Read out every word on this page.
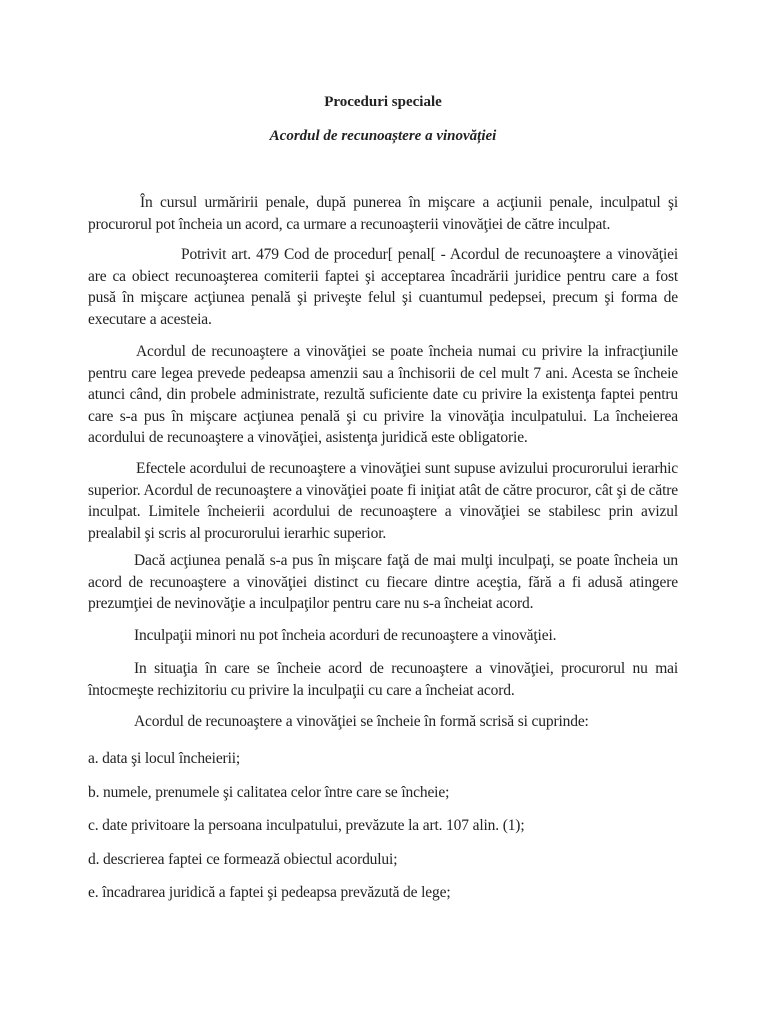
Proceduri speciale
Acordul de recunoaștere a vinovăției

În cursul urmăririi penale, după punerea în mişcare a acţiunii penale, inculpatul şi procurorul pot încheia un acord, ca urmare a recunoaşterii vinovăţiei de către inculpat.

Potrivit art. 479 Cod de procedur[ penal[ - Acordul de recunoaştere a vinovăţiei are ca obiect recunoaşterea comiterii faptei şi acceptarea încadrării juridice pentru care a fost pusă în mişcare acţiunea penală şi priveşte felul şi cuantumul pedepsei, precum şi forma de executare a acesteia.

Acordul de recunoaştere a vinovăţiei se poate încheia numai cu privire la infracţiunile pentru care legea prevede pedeapsa amenzii sau a închisorii de cel mult 7 ani. Acesta se încheie atunci când, din probele administrate, rezultă suficiente date cu privire la existenţa faptei pentru care s-a pus în mişcare acţiunea penală şi cu privire la vinovăţia inculpatului. La încheierea acordului de recunoaştere a vinovăţiei, asistenţa juridică este obligatorie.

Efectele acordului de recunoaştere a vinovăţiei sunt supuse avizului procurorului ierarhic superior. Acordul de recunoaştere a vinovăţiei poate fi iniţiat atât de către procuror, cât şi de către inculpat. Limitele încheierii acordului de recunoaştere a vinovăţiei se stabilesc prin avizul prealabil şi scris al procurorului ierarhic superior.

Dacă acţiunea penală s-a pus în mişcare faţă de mai mulţi inculpaţi, se poate încheia un acord de recunoaştere a vinovăţiei distinct cu fiecare dintre aceştia, fără a fi adusă atingere prezumţiei de nevinovăţie a inculpaţilor pentru care nu s-a încheiat acord.

Inculpaţii minori nu pot încheia acorduri de recunoaştere a vinovăţiei.

In situaţia în care se încheie acord de recunoaştere a vinovăţiei, procurorul nu mai întocmeşte rechizitoriu cu privire la inculpaţii cu care a încheiat acord.

Acordul de recunoaştere a vinovăţiei se încheie în formă scrisă si cuprinde:

a. data şi locul încheierii;

b. numele, prenumele şi calitatea celor între care se încheie;

c. date privitoare la persoana inculpatului, prevăzute la art. 107 alin. (1);

d. descrierea faptei ce formează obiectul acordului;

e. încadrarea juridică a faptei şi pedeapsa prevăzută de lege;
